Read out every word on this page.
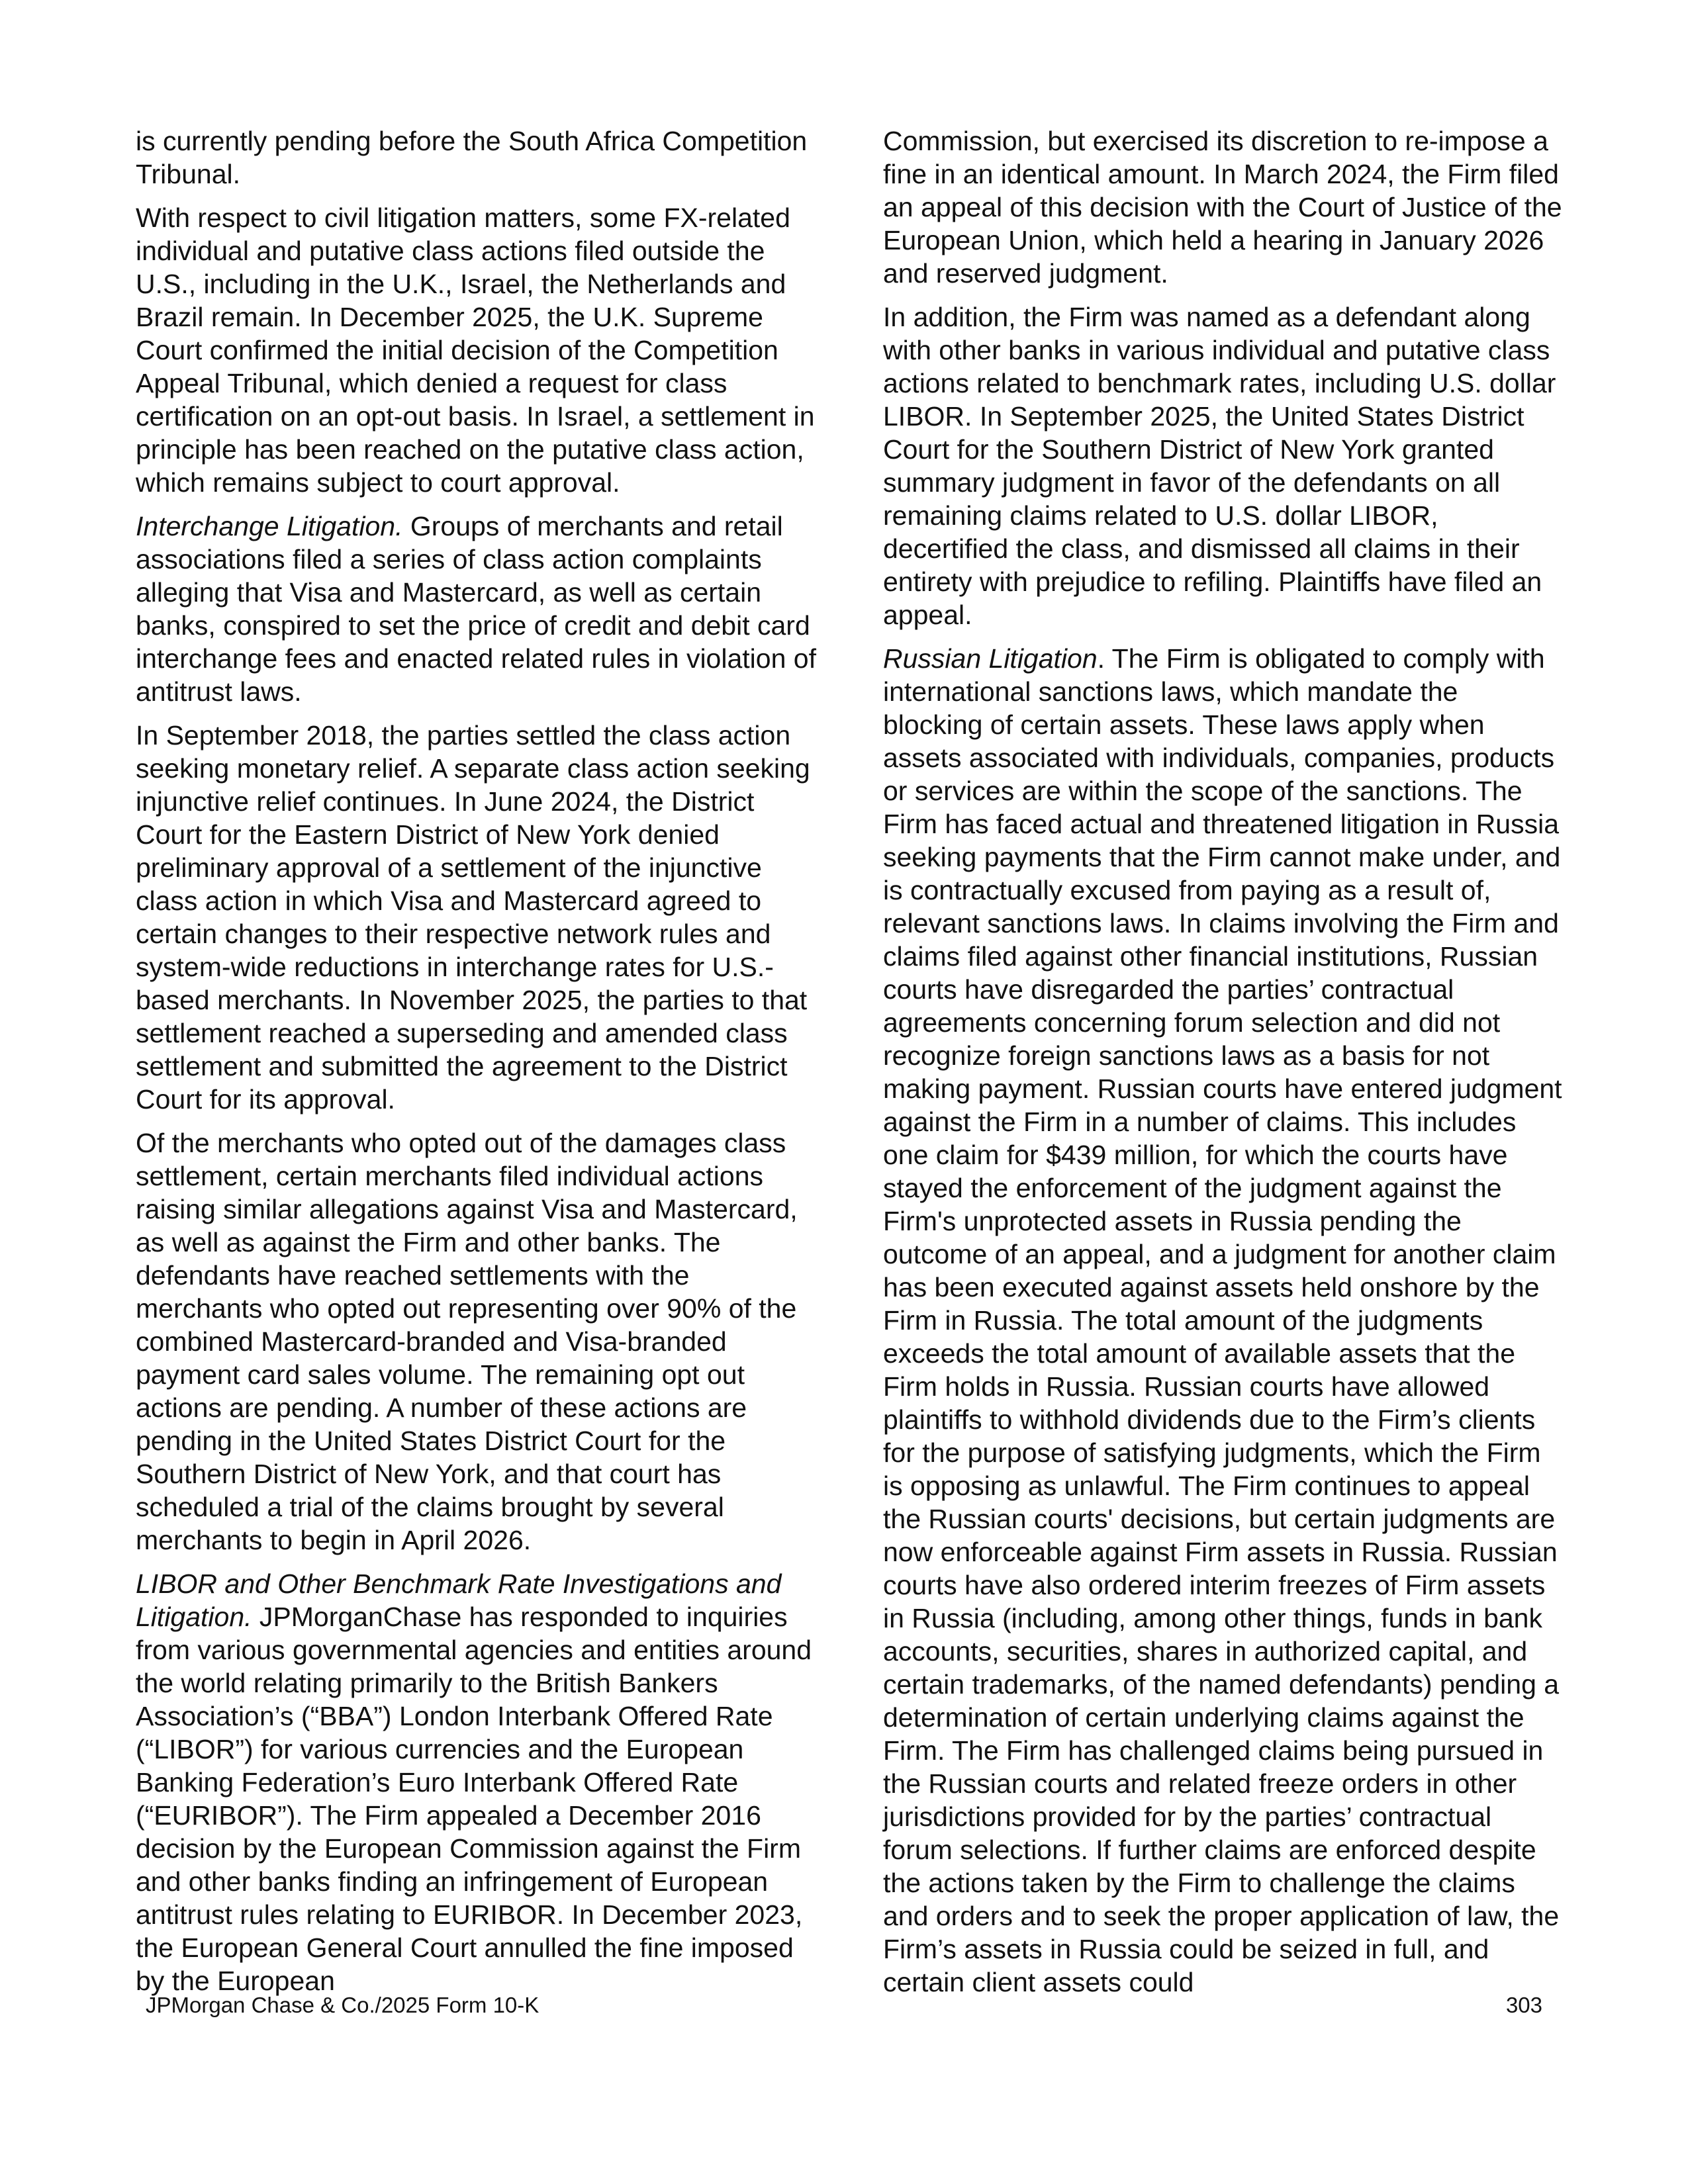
is currently pending before the South Africa Competition Tribunal.

With respect to civil litigation matters, some FX-related individual and putative class actions filed outside the U.S., including in the U.K., Israel, the Netherlands and Brazil remain. In December 2025, the U.K. Supreme Court confirmed the initial decision of the Competition Appeal Tribunal, which denied a request for class certification on an opt-out basis. In Israel, a settlement in principle has been reached on the putative class action, which remains subject to court approval.

Interchange Litigation. Groups of merchants and retail associations filed a series of class action complaints alleging that Visa and Mastercard, as well as certain banks, conspired to set the price of credit and debit card interchange fees and enacted related rules in violation of antitrust laws.

In September 2018, the parties settled the class action seeking monetary relief. A separate class action seeking injunctive relief continues. In June 2024, the District Court for the Eastern District of New York denied preliminary approval of a settlement of the injunctive class action in which Visa and Mastercard agreed to certain changes to their respective network rules and system-wide reductions in interchange rates for U.S.-based merchants. In November 2025, the parties to that settlement reached a superseding and amended class settlement and submitted the agreement to the District Court for its approval.

Of the merchants who opted out of the damages class settlement, certain merchants filed individual actions raising similar allegations against Visa and Mastercard, as well as against the Firm and other banks. The defendants have reached settlements with the merchants who opted out representing over 90% of the combined Mastercard-branded and Visa-branded payment card sales volume. The remaining opt out actions are pending. A number of these actions are pending in the United States District Court for the Southern District of New York, and that court has scheduled a trial of the claims brought by several merchants to begin in April 2026.

LIBOR and Other Benchmark Rate Investigations and Litigation. JPMorganChase has responded to inquiries from various governmental agencies and entities around the world relating primarily to the British Bankers Association’s (“BBA”) London Interbank Offered Rate (“LIBOR”) for various currencies and the European Banking Federation’s Euro Interbank Offered Rate (“EURIBOR”). The Firm appealed a December 2016 decision by the European Commission against the Firm and other banks finding an infringement of European antitrust rules relating to EURIBOR. In December 2023, the European General Court annulled the fine imposed by the European

Commission, but exercised its discretion to re-impose a fine in an identical amount. In March 2024, the Firm filed an appeal of this decision with the Court of Justice of the European Union, which held a hearing in January 2026 and reserved judgment.

In addition, the Firm was named as a defendant along with other banks in various individual and putative class actions related to benchmark rates, including U.S. dollar LIBOR. In September 2025, the United States District Court for the Southern District of New York granted summary judgment in favor of the defendants on all remaining claims related to U.S. dollar LIBOR, decertified the class, and dismissed all claims in their entirety with prejudice to refiling. Plaintiffs have filed an appeal.

Russian Litigation. The Firm is obligated to comply with international sanctions laws, which mandate the blocking of certain assets. These laws apply when assets associated with individuals, companies, products or services are within the scope of the sanctions. The Firm has faced actual and threatened litigation in Russia seeking payments that the Firm cannot make under, and is contractually excused from paying as a result of, relevant sanctions laws. In claims involving the Firm and claims filed against other financial institutions, Russian courts have disregarded the parties’ contractual agreements concerning forum selection and did not recognize foreign sanctions laws as a basis for not making payment. Russian courts have entered judgment against the Firm in a number of claims. This includes one claim for $439 million, for which the courts have stayed the enforcement of the judgment against the Firm's unprotected assets in Russia pending the outcome of an appeal, and a judgment for another claim has been executed against assets held onshore by the Firm in Russia. The total amount of the judgments exceeds the total amount of available assets that the Firm holds in Russia. Russian courts have allowed plaintiffs to withhold dividends due to the Firm’s clients for the purpose of satisfying judgments, which the Firm is opposing as unlawful. The Firm continues to appeal the Russian courts' decisions, but certain judgments are now enforceable against Firm assets in Russia. Russian courts have also ordered interim freezes of Firm assets in Russia (including, among other things, funds in bank accounts, securities, shares in authorized capital, and certain trademarks, of the named defendants) pending a determination of certain underlying claims against the Firm. The Firm has challenged claims being pursued in the Russian courts and related freeze orders in other jurisdictions provided for by the parties’ contractual forum selections. If further claims are enforced despite the actions taken by the Firm to challenge the claims and orders and to seek the proper application of law, the Firm’s assets in Russia could be seized in full, and certain client assets could

JPMorgan Chase & Co./2025 Form 10-K	303
